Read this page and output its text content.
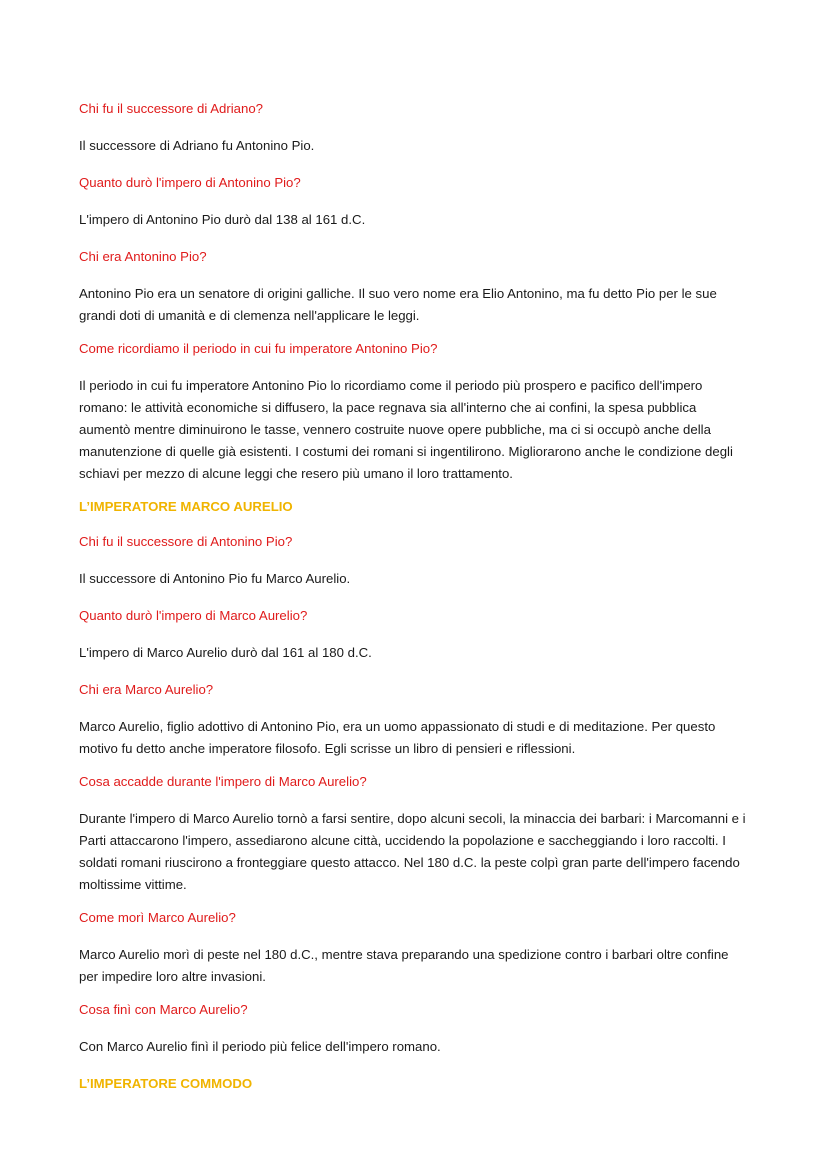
Chi fu il successore di Adriano?

Il successore di Adriano fu Antonino Pio.

Quanto durò l'impero di Antonino Pio?

L'impero di Antonino Pio durò dal 138 al 161 d.C.

Chi era Antonino Pio?

Antonino Pio era un senatore di origini galliche. Il suo vero nome era Elio Antonino, ma fu detto Pio per le sue grandi doti di umanità e di clemenza nell'applicare le leggi.

Come ricordiamo il periodo in cui fu imperatore Antonino Pio?

Il periodo in cui fu imperatore Antonino Pio lo ricordiamo come il periodo più prospero e pacifico dell'impero romano: le attività economiche si diffusero, la pace regnava sia all'interno che ai confini, la spesa pubblica aumentò mentre diminuirono le tasse, vennero costruite nuove opere pubbliche, ma ci si occupò anche della manutenzione di quelle già esistenti. I costumi dei romani si ingentilirono. Migliorarono anche le condizione degli schiavi per mezzo di alcune leggi che resero più umano il loro trattamento.

L’IMPERATORE MARCO AURELIO

Chi fu il successore di Antonino Pio?

Il successore di Antonino Pio fu Marco Aurelio.

Quanto durò l'impero di Marco Aurelio?

L'impero di Marco Aurelio durò dal 161 al 180 d.C.

Chi era Marco Aurelio?

Marco Aurelio, figlio adottivo di Antonino Pio, era un uomo appassionato di studi e di meditazione. Per questo motivo fu detto anche imperatore filosofo. Egli scrisse un libro di pensieri e riflessioni.

Cosa accadde durante l'impero di Marco Aurelio?

Durante l'impero di Marco Aurelio tornò a farsi sentire, dopo alcuni secoli, la minaccia dei barbari: i Marcomanni e i Parti attaccarono l'impero, assediarono alcune città, uccidendo la popolazione e saccheggiando i loro raccolti. I soldati romani riuscirono a fronteggiare questo attacco. Nel 180 d.C. la peste colpì gran parte dell'impero facendo moltissime vittime.

Come morì Marco Aurelio?

Marco Aurelio morì di peste nel 180 d.C., mentre stava preparando una spedizione contro i barbari oltre confine per impedire loro altre invasioni.

Cosa finì con Marco Aurelio?

Con Marco Aurelio finì il periodo più felice dell'impero romano.

L’IMPERATORE COMMODO
